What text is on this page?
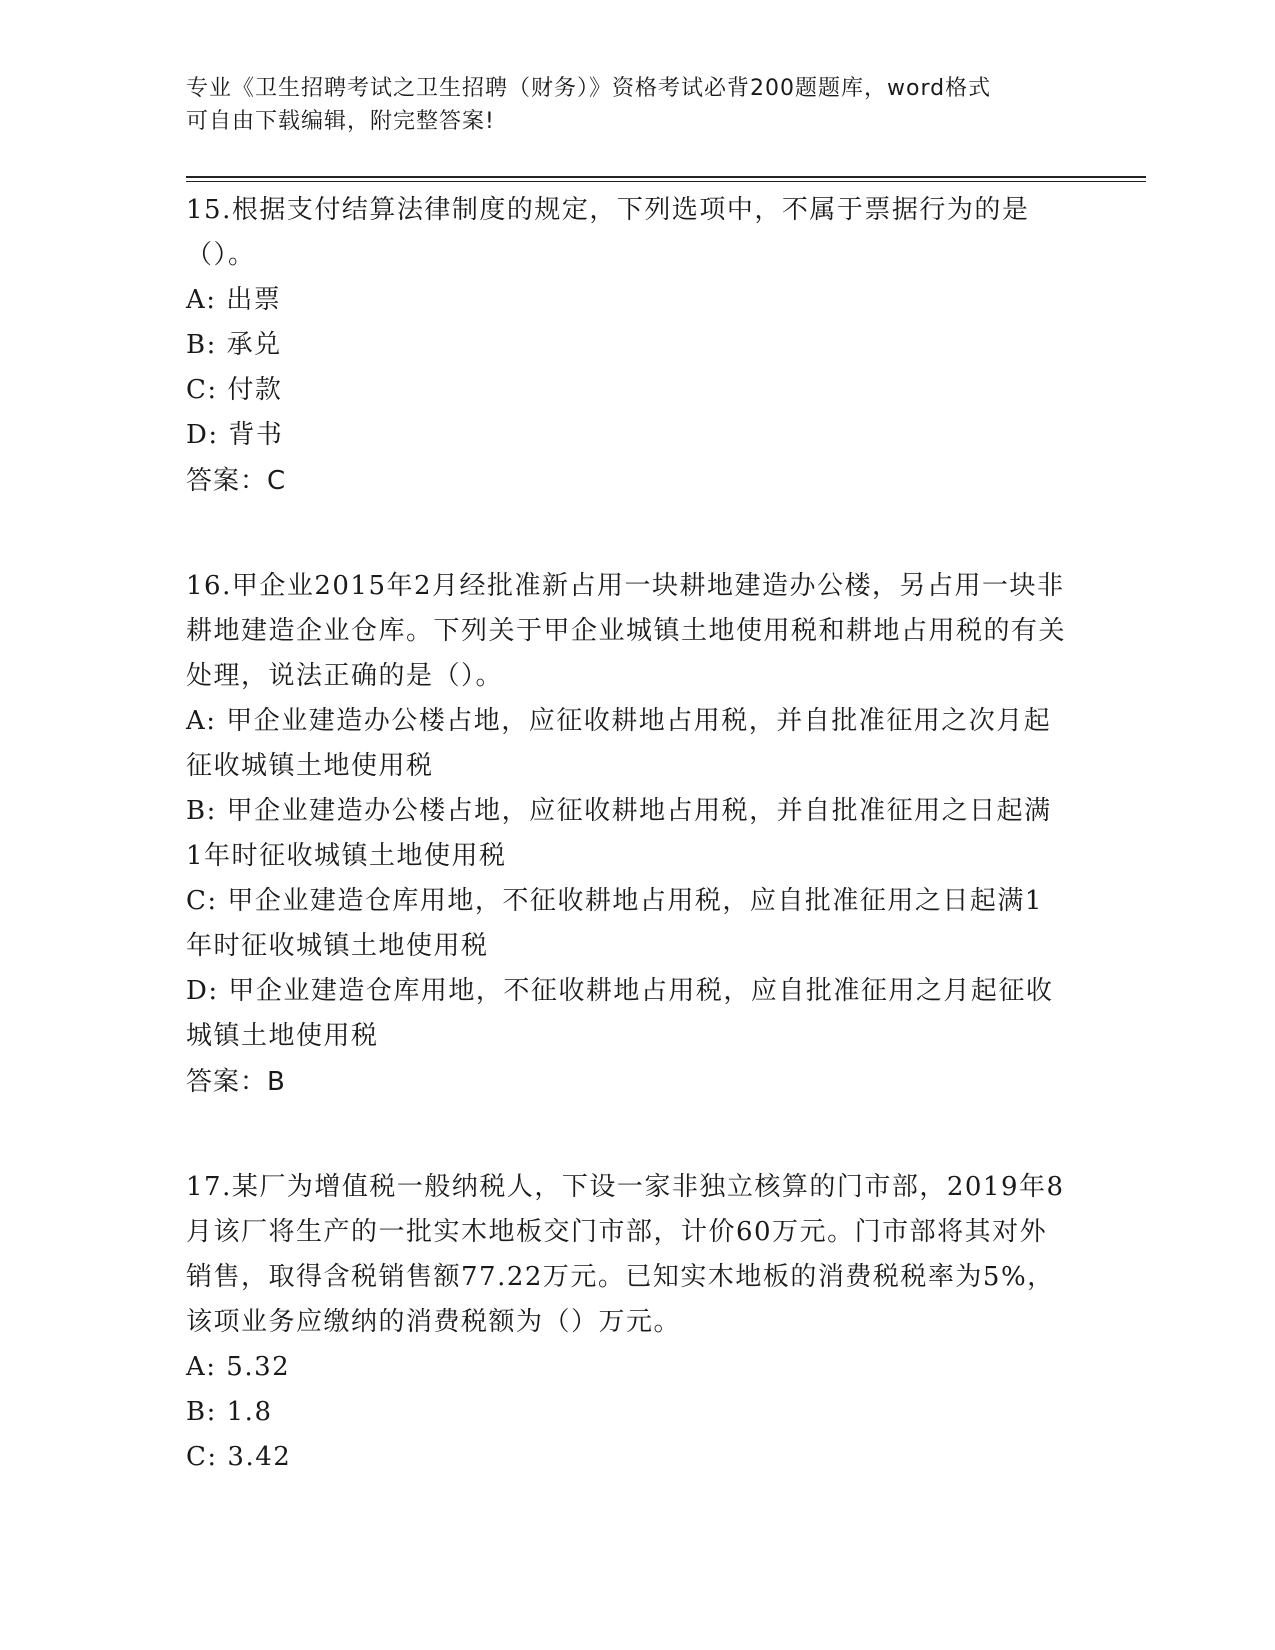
专业《卫生招聘考试之卫生招聘（财务）》资格考试必背200题题库，word格式
可自由下载编辑，附完整答案!

15.根据支付结算法律制度的规定，下列选项中，不属于票据行为的是（）。

A: 出票

B: 承兑

C: 付款

D: 背书

答案：C

16.甲企业2015年2月经批准新占用一块耕地建造办公楼，另占用一块非耕地建造企业仓库。下列关于甲企业城镇土地使用税和耕地占用税的有关处理，说法正确的是（）。

A: 甲企业建造办公楼占地，应征收耕地占用税，并自批准征用之次月起征收城镇土地使用税

B: 甲企业建造办公楼占地，应征收耕地占用税，并自批准征用之日起满1年时征收城镇土地使用税

C: 甲企业建造仓库用地，不征收耕地占用税，应自批准征用之日起满1年时征收城镇土地使用税

D: 甲企业建造仓库用地，不征收耕地占用税，应自批准征用之月起征收城镇土地使用税

答案：B

17.某厂为增值税一般纳税人，下设一家非独立核算的门市部，2019年8月该厂将生产的一批实木地板交门市部，计价60万元。门市部将其对外销售，取得含税销售额77.22万元。已知实木地板的消费税税率为5%，该项业务应缴纳的消费税额为（）万元。

A: 5.32

B: 1.8

C: 3.42
